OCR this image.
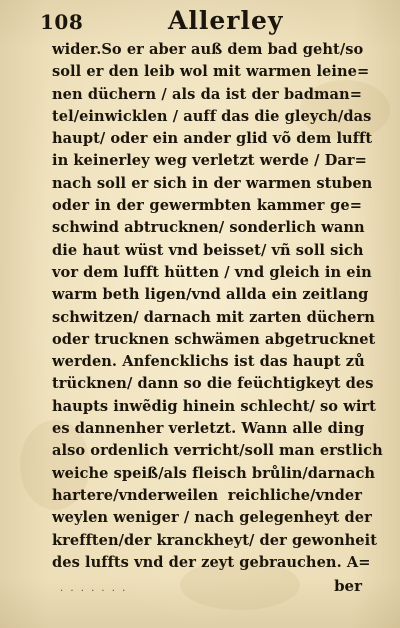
108	Allerley
wider.So er aber auß dem bad geht/so
soll er den leib wol mit warmen leine=
nen düchern / als da ist der badman=
tel/einwicklen / auff das die gleych/das
haupt/ oder ein ander glid võ dem lufft
in keinerley weg verletzt werde / Dar=
nach soll er sich in der warmen stuben
oder in der gewermbten kammer ge=
schwind abtrucknen/ sonderlich wann
die haut wüst vnd beisset/ vñ soll sich
vor dem lufft hütten / vnd gleich in ein
warm beth ligen/vnd allda ein zeitlang
schwitzen/ darnach mit zarten düchern
oder trucknen schwämen abgetrucknet
werden. Anfencklichs ist das haupt zů
trücknen/ dann so die feüchtigkeyt des
haupts inwẽdig hinein schlecht/ so wirt
es dannenher verletzt. Wann alle ding
also ordenlich verricht/soll man erstlich
weiche speiß/als fleisch brůlin/darnach
hartere/vnderweilen reichliche/vnder
weylen weniger / nach gelegenheyt der
krefften/der kranckheyt/ der gewonheit
des luffts vnd der zeyt gebrauchen. A=
. . . . . . .	ber
